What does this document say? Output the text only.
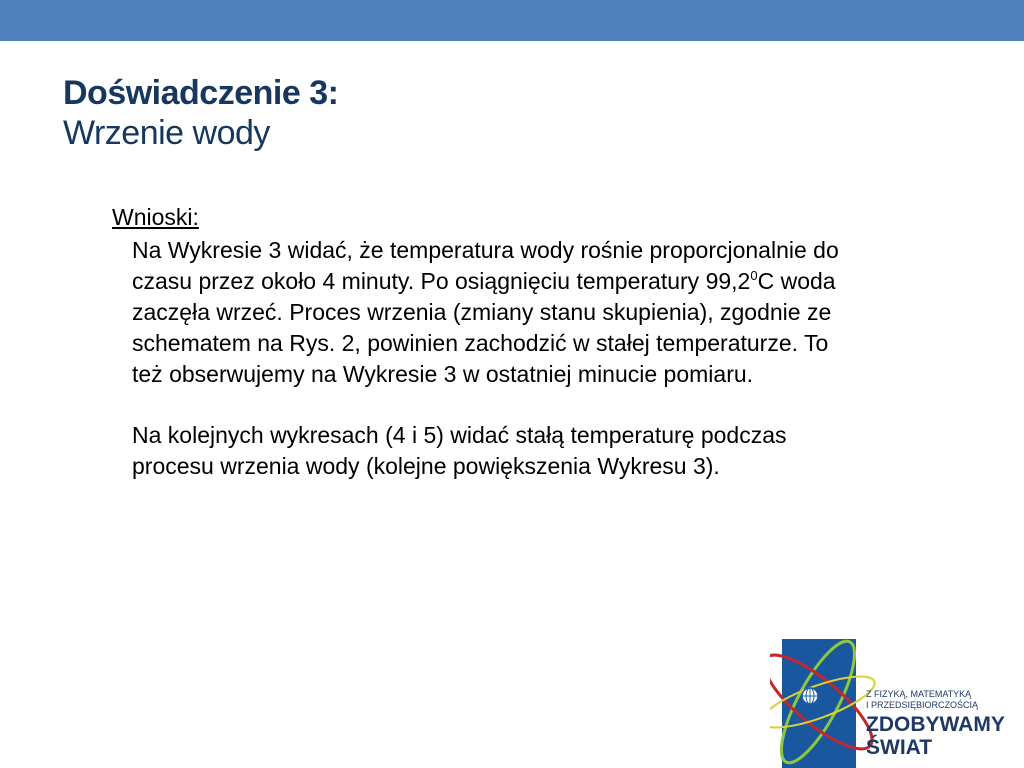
Doświadczenie 3:
Wrzenie wody
Wnioski:
Na Wykresie 3 widać, że temperatura wody rośnie proporcjonalnie do czasu przez około 4 minuty. Po osiągnięciu temperatury 99,2$^0$C woda zaczęła wrzeć. Proces wrzenia (zmiany stanu skupienia), zgodnie ze schematem na Rys. 2, powinien zachodzić w stałej temperaturze. To też obserwujemy na Wykresie 3 w ostatniej minucie pomiaru.
Na kolejnych wykresach (4 i 5) widać stałą temperaturę podczas procesu wrzenia wody (kolejne powiększenia Wykresu 3).
Z FIZYKĄ, MATEMATYKĄ
I PRZEDSIĘBIORCZOŚCIĄ
ZDOBYWAMY
ŚWIAT
